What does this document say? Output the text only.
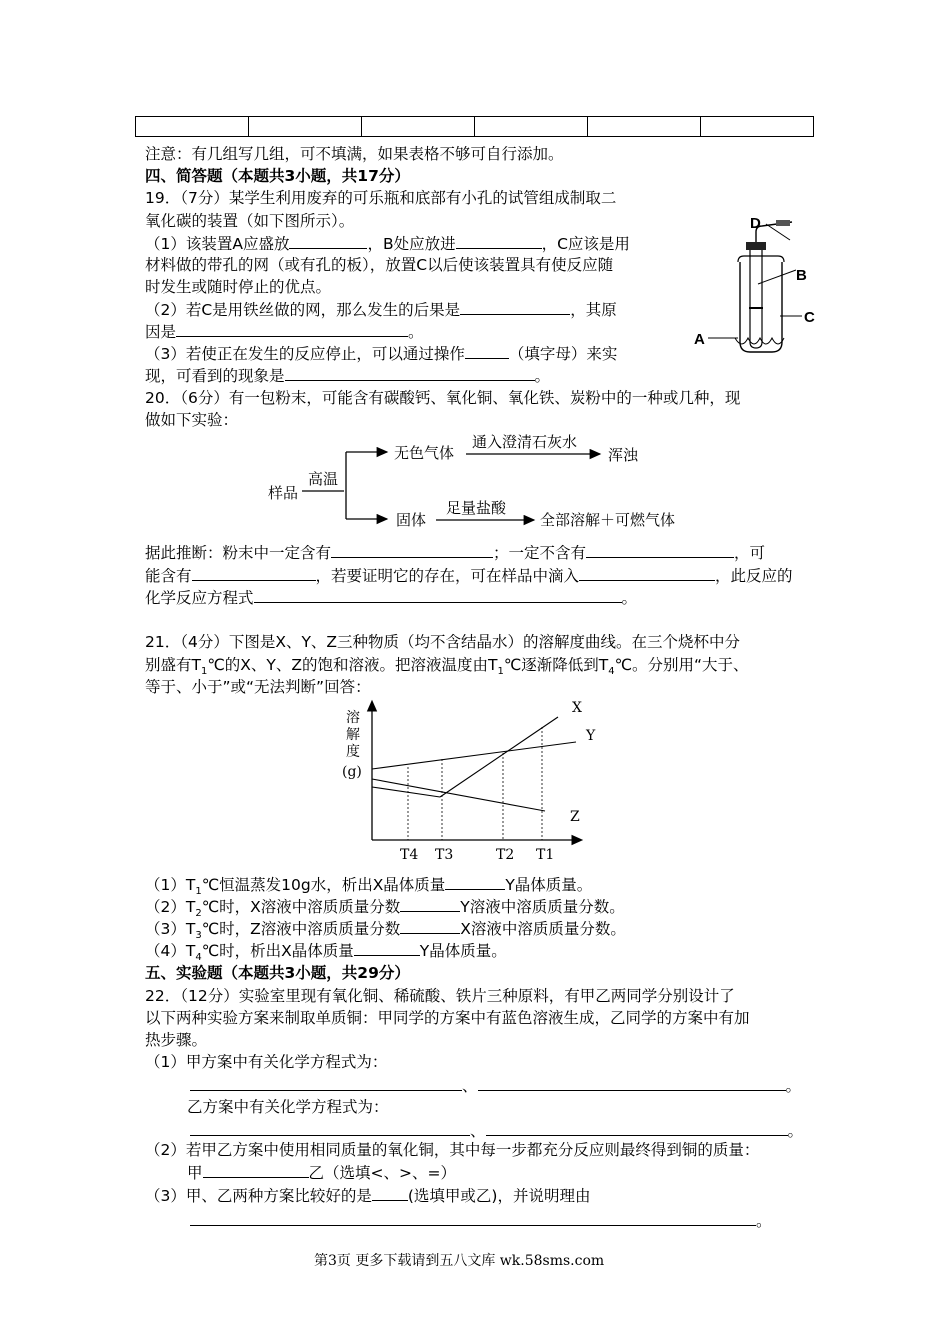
注意：有几组写几组，可不填满，如果表格不够可自行添加。
四、简答题（本题共3小题，共17分）
19．（7分）某学生利用废弃的可乐瓶和底部有小孔的试管组成制取二
氧化碳的装置（如下图所示）。
（1）该装置A应盛放	，B处应放进	，C应该是用
材料做的带孔的网（或有孔的板），放置C以后使该装置具有使反应随
时发生或随时停止的优点。
（2）若C是用铁丝做的网，那么发生的后果是	，其原
因是	。
（3）若使正在发生的反应停止，可以通过操作	（填字母）来实
现，可看到的现象是	。
D
B
C
A
20．（6分）有一包粉末，可能含有碳酸钙、氧化铜、氧化铁、炭粉中的一种或几种，现
做如下实验：
样品
高温
无色气体
通入澄清石灰水
浑浊
固体
足量盐酸
全部溶解＋可燃气体
据此推断：粉末中一定含有	；一定不含有	，可
能含有	，若要证明它的存在，可在样品中滴入	，此反应的
化学反应方程式	。
21．（4分）下图是X、Y、Z三种物质（均不含结晶水）的溶解度曲线。在三个烧杯中分
别盛有$T_1℃$的X、Y、Z的饱和溶液。把溶液温度由$T_1℃$逐渐降低到$T_4℃$。分别用“大于、
等于、小于”或“无法判断”回答：
溶
解
度
(g)
X
Y
Z
T4 T3	T2 T1
$(1)T_1℃$恒温蒸发10g水，析出X晶体质量	Y晶体质量。
$(2)T_2℃$时，X溶液中溶质质量分数	Y溶液中溶质质量分数。
$(3)T_3℃$时，Z溶液中溶质质量分数	X溶液中溶质质量分数。
$(4)T_4℃$时，析出X晶体质量	Y晶体质量。
五、实验题（本题共3小题，共29分）
22．（12分）实验室里现有氧化铜、稀硫酸、铁片三种原料，有甲乙两同学分别设计了
以下两种实验方案来制取单质铜：甲同学的方案中有蓝色溶液生成，乙同学的方案中有加
热步骤。
（1）甲方案中有关化学方程式为：
、	。
乙方案中有关化学方程式为：
、	。
（2）若甲乙方案中使用相同质量的氧化铜，其中每一步都充分反应则最终得到铜的质量：
甲	乙（选填<、>、=）
（3）甲、乙两种方案比较好的是 (选填甲或乙)，并说明理由
。
第3页 更多下载请到五八文库 wk.58sms.com
